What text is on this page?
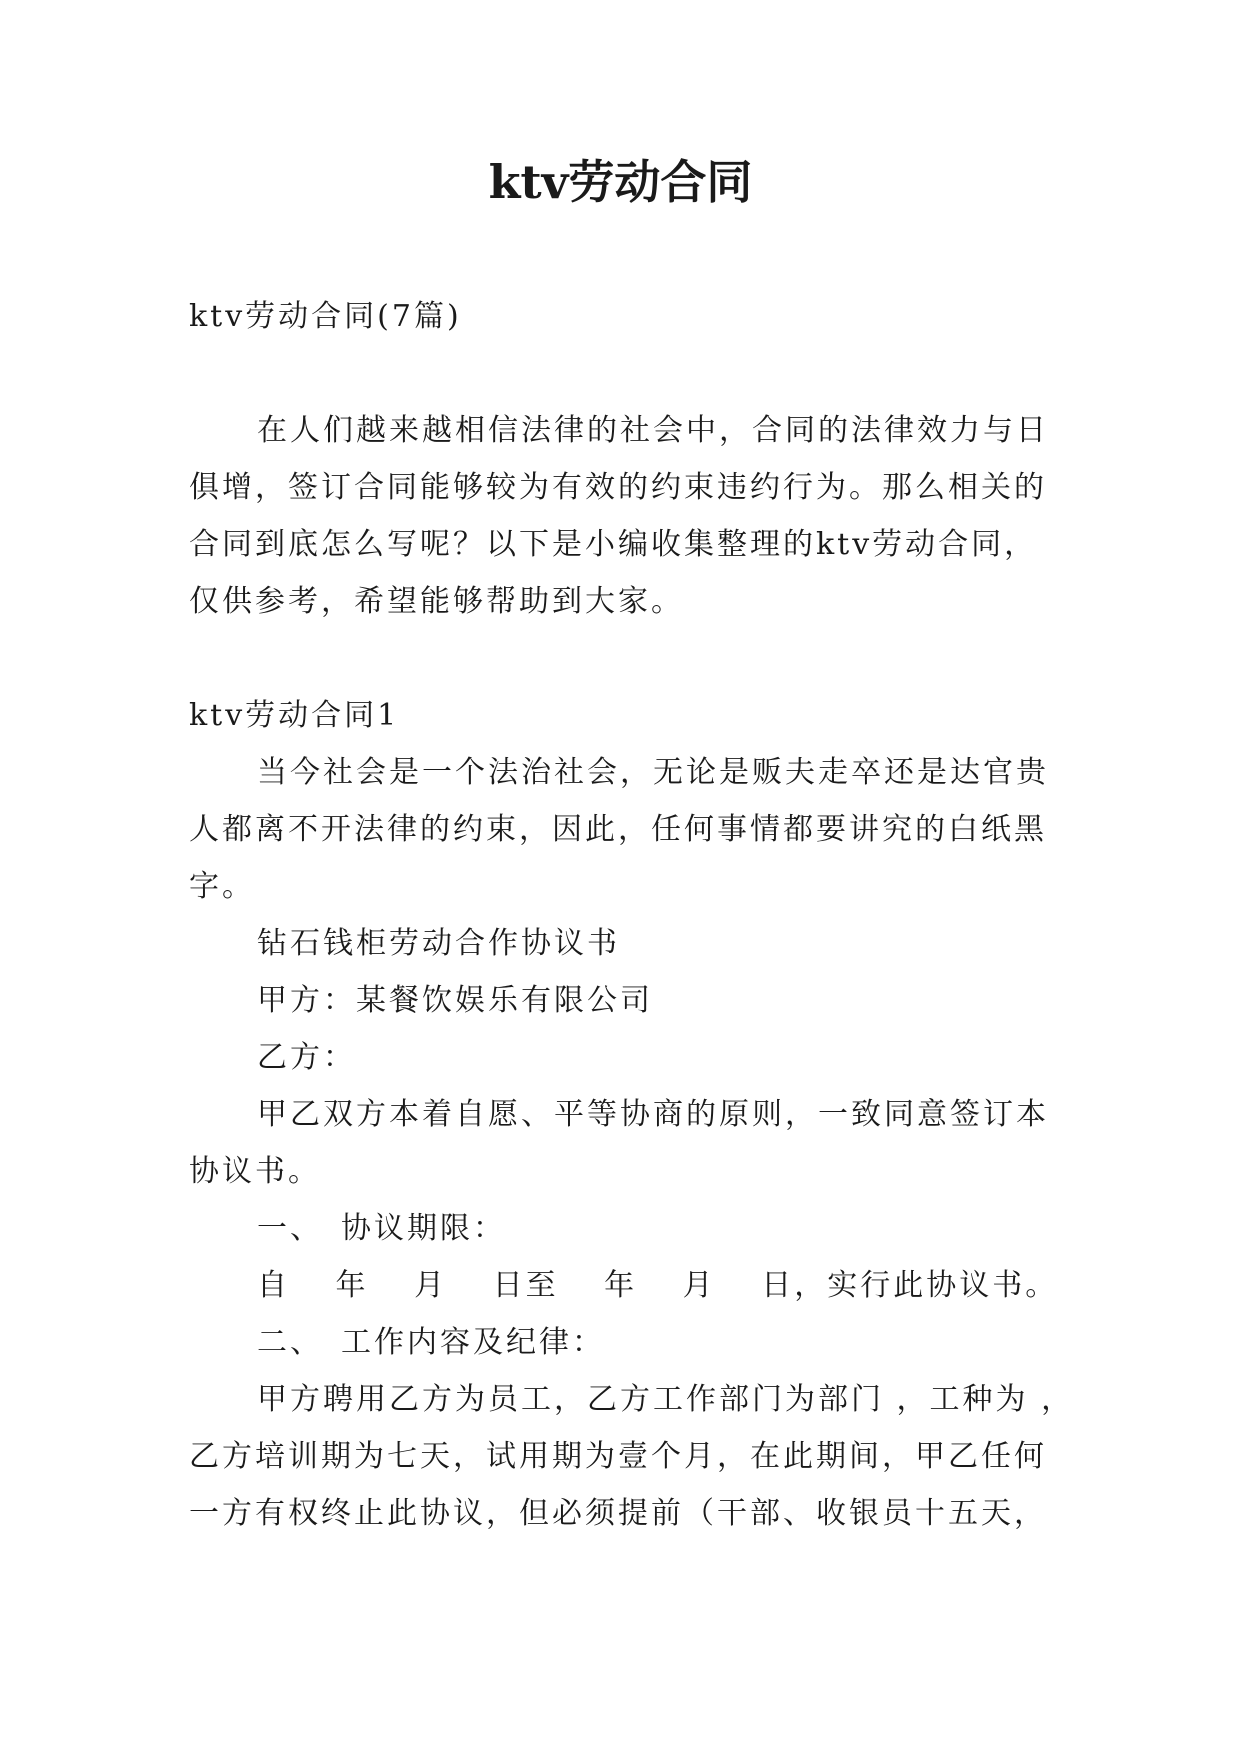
ktv劳动合同

ktv劳动合同(7篇)

在人们越来越相信法律的社会中，合同的法律效力与日

俱增，签订合同能够较为有效的约束违约行为。那么相关的

合同到底怎么写呢？以下是小编收集整理的ktv劳动合同，

仅供参考，希望能够帮助到大家。

ktv劳动合同1

当今社会是一个法治社会，无论是贩夫走卒还是达官贵

人都离不开法律的约束，因此，任何事情都要讲究的白纸黑

字。

钻石钱柜劳动合作协议书

甲方：某餐饮娱乐有限公司

乙方：

甲乙双方本着自愿、平等协商的原则，一致同意签订本

协议书。

一、　协议期限：

自　 年 　月 　日至 　年 　月 　日，实行此协议书。

二、　工作内容及纪律：

甲方聘用乙方为员工，乙方工作部门为部门 ，工种为 ，

乙方培训期为七天，试用期为壹个月，在此期间，甲乙任何

一方有权终止此协议，但必须提前（干部、收银员十五天，
